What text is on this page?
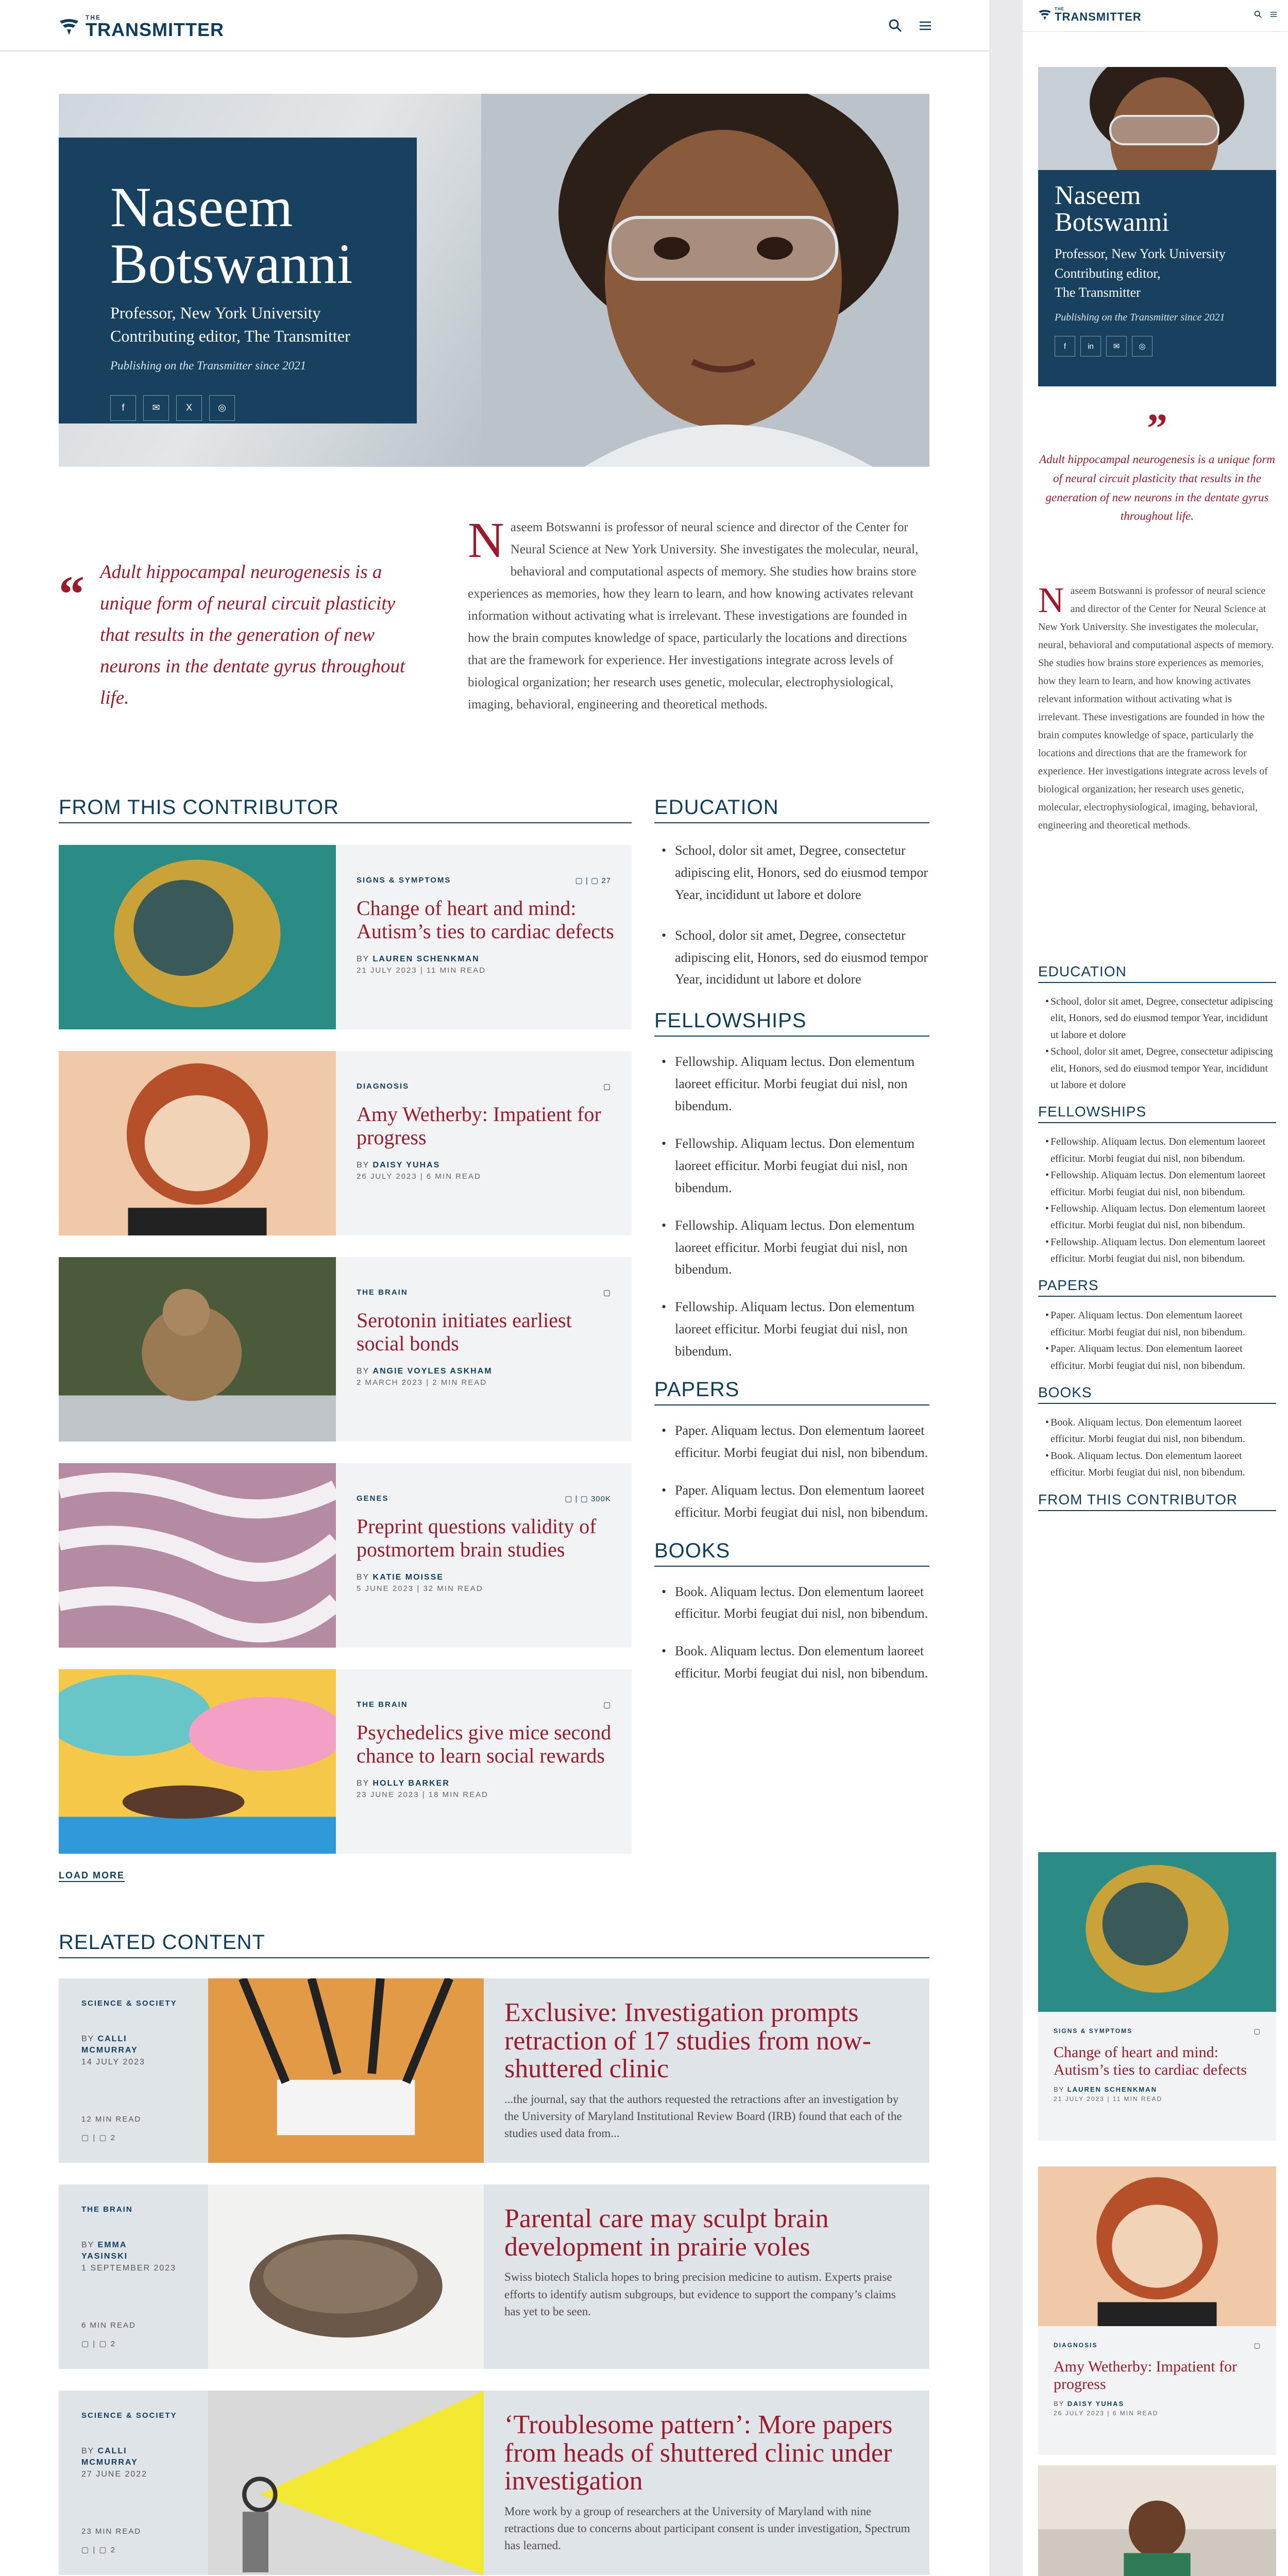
THE
TRANSMITTER
Naseem
Botswanni
Professor, New York University
Contributing editor, The Transmitter
Publishing on the Transmitter since 2021
f	✉	X	◎
“ Adult hippocampal neurogenesis is a unique form of neural circuit plasticity that results in the generation of new neurons in the dentate gyrus throughout life.
Naseem Botswanni is professor of neural science and director of the Center for Neural Science at New York University. She investigates the molecular, neural, behavioral and computational aspects of memory. She studies how brains store experiences as memories, how they learn to learn, and how knowing activates relevant information without activating what is irrelevant. These investigations are founded in how the brain computes knowledge of space, particularly the locations and directions that are the framework for experience. Her investigations integrate across levels of biological organization; her research uses genetic, molecular, electrophysiological, imaging, behavioral, engineering and theoretical methods.
FROM THIS CONTRIBUTOR
SIGNS & SYMPTOMS
Change of heart and mind: Autism’s ties to cardiac defects
BY LAUREN SCHENKMAN
21 JULY 2023 | 11 MIN READ
▢ | ▢ 27
DIAGNOSIS
Amy Wetherby: Impatient for progress
BY DAISY YUHAS
26 JULY 2023 | 6 MIN READ
▢
THE BRAIN
Serotonin initiates earliest social bonds
BY ANGIE VOYLES ASKHAM
2 MARCH 2023 | 2 MIN READ
▢
GENES
Preprint questions validity of postmortem brain studies
BY KATIE MOISSE
5 JUNE 2023 | 32 MIN READ
▢ | ▢ 300K
THE BRAIN
Psychedelics give mice second chance to learn social rewards
BY HOLLY BARKER
23 JUNE 2023 | 18 MIN READ
▢
LOAD MORE
EDUCATION
• School, dolor sit amet, Degree, consectetur adipiscing elit, Honors, sed do eiusmod tempor Year, incididunt ut labore et dolore
• School, dolor sit amet, Degree, consectetur adipiscing elit, Honors, sed do eiusmod tempor Year, incididunt ut labore et dolore
FELLOWSHIPS
• Fellowship. Aliquam lectus. Don elementum laoreet efficitur. Morbi feugiat dui nisl, non bibendum.
• Fellowship. Aliquam lectus. Don elementum laoreet efficitur. Morbi feugiat dui nisl, non bibendum.
• Fellowship. Aliquam lectus. Don elementum laoreet efficitur. Morbi feugiat dui nisl, non bibendum.
• Fellowship. Aliquam lectus. Don elementum laoreet efficitur. Morbi feugiat dui nisl, non bibendum.
PAPERS
• Paper. Aliquam lectus. Don elementum laoreet efficitur. Morbi feugiat dui nisl, non bibendum.
• Paper. Aliquam lectus. Don elementum laoreet efficitur. Morbi feugiat dui nisl, non bibendum.
BOOKS
• Book. Aliquam lectus. Don elementum laoreet efficitur. Morbi feugiat dui nisl, non bibendum.
• Book. Aliquam lectus. Don elementum laoreet efficitur. Morbi feugiat dui nisl, non bibendum.
RELATED CONTENT
SCIENCE & SOCIETY
BY CALLI
MCMURRAY
14 JULY 2023
12 MIN READ
▢ | ▢ 2
Exclusive: Investigation prompts retraction of 17 studies from now-shuttered clinic

...the journal, say that the authors requested the retractions after an investigation by the University of Maryland Institutional Review Board (IRB) found that each of the studies used data from...

THE BRAIN
BY EMMA
YASINSKI
1 SEPTEMBER 2023
6 MIN READ
▢ | ▢ 2
Parental care may sculpt brain development in prairie voles

Swiss biotech Stalicla hopes to bring precision medicine to autism. Experts praise efforts to identify autism subgroups, but evidence to support the company’s claims has yet to be seen.

SCIENCE & SOCIETY
BY CALLI
MCMURRAY
27 JUNE 2022
23 MIN READ
▢ | ▢ 2
‘Troublesome pattern’: More papers from heads of shuttered clinic under investigation

More work by a group of researchers at the University of Maryland with nine retractions due to concerns about participant consent is under investigation, Spectrum has learned.

THE
TRANSMITTER
Naseem
Botswanni
Professor, New York University
Contributing editor,
The Transmitter
Publishing on the Transmitter since 2021
f	in	✉	◎
”
Adult hippocampal neurogenesis is a unique form of neural circuit plasticity that results in the generation of new neurons in the dentate gyrus throughout life.
Naseem Botswanni is professor of neural science and director of the Center for Neural Science at New York University. She investigates the molecular, neural, behavioral and computational aspects of memory. She studies how brains store experiences as memories, how they learn to learn, and how knowing activates relevant information without activating what is irrelevant. These investigations are founded in how the brain computes knowledge of space, particularly the locations and directions that are the framework for experience. Her investigations integrate across levels of biological organization; her research uses genetic, molecular, electrophysiological, imaging, behavioral, engineering and theoretical methods.
EDUCATION
• School, dolor sit amet, Degree, consectetur adipiscing elit, Honors, sed do eiusmod tempor Year, incididunt ut labore et dolore
• School, dolor sit amet, Degree, consectetur adipiscing elit, Honors, sed do eiusmod tempor Year, incididunt ut labore et dolore
FELLOWSHIPS
• Fellowship. Aliquam lectus. Don elementum laoreet efficitur. Morbi feugiat dui nisl, non bibendum.
• Fellowship. Aliquam lectus. Don elementum laoreet efficitur. Morbi feugiat dui nisl, non bibendum.
• Fellowship. Aliquam lectus. Don elementum laoreet efficitur. Morbi feugiat dui nisl, non bibendum.
• Fellowship. Aliquam lectus. Don elementum laoreet efficitur. Morbi feugiat dui nisl, non bibendum.
PAPERS
• Paper. Aliquam lectus. Don elementum laoreet efficitur. Morbi feugiat dui nisl, non bibendum.
• Paper. Aliquam lectus. Don elementum laoreet efficitur. Morbi feugiat dui nisl, non bibendum.
BOOKS
• Book. Aliquam lectus. Don elementum laoreet efficitur. Morbi feugiat dui nisl, non bibendum.
• Book. Aliquam lectus. Don elementum laoreet efficitur. Morbi feugiat dui nisl, non bibendum.
FROM THIS CONTRIBUTOR
SIGNS & SYMPTOMS
Change of heart and mind: Autism’s ties to cardiac defects
BY LAUREN SCHENKMAN
21 JULY 2023 | 11 MIN READ
▢
DIAGNOSIS
Amy Wetherby: Impatient for progress
BY DAISY YUHAS
26 JULY 2023 | 6 MIN READ
▢
